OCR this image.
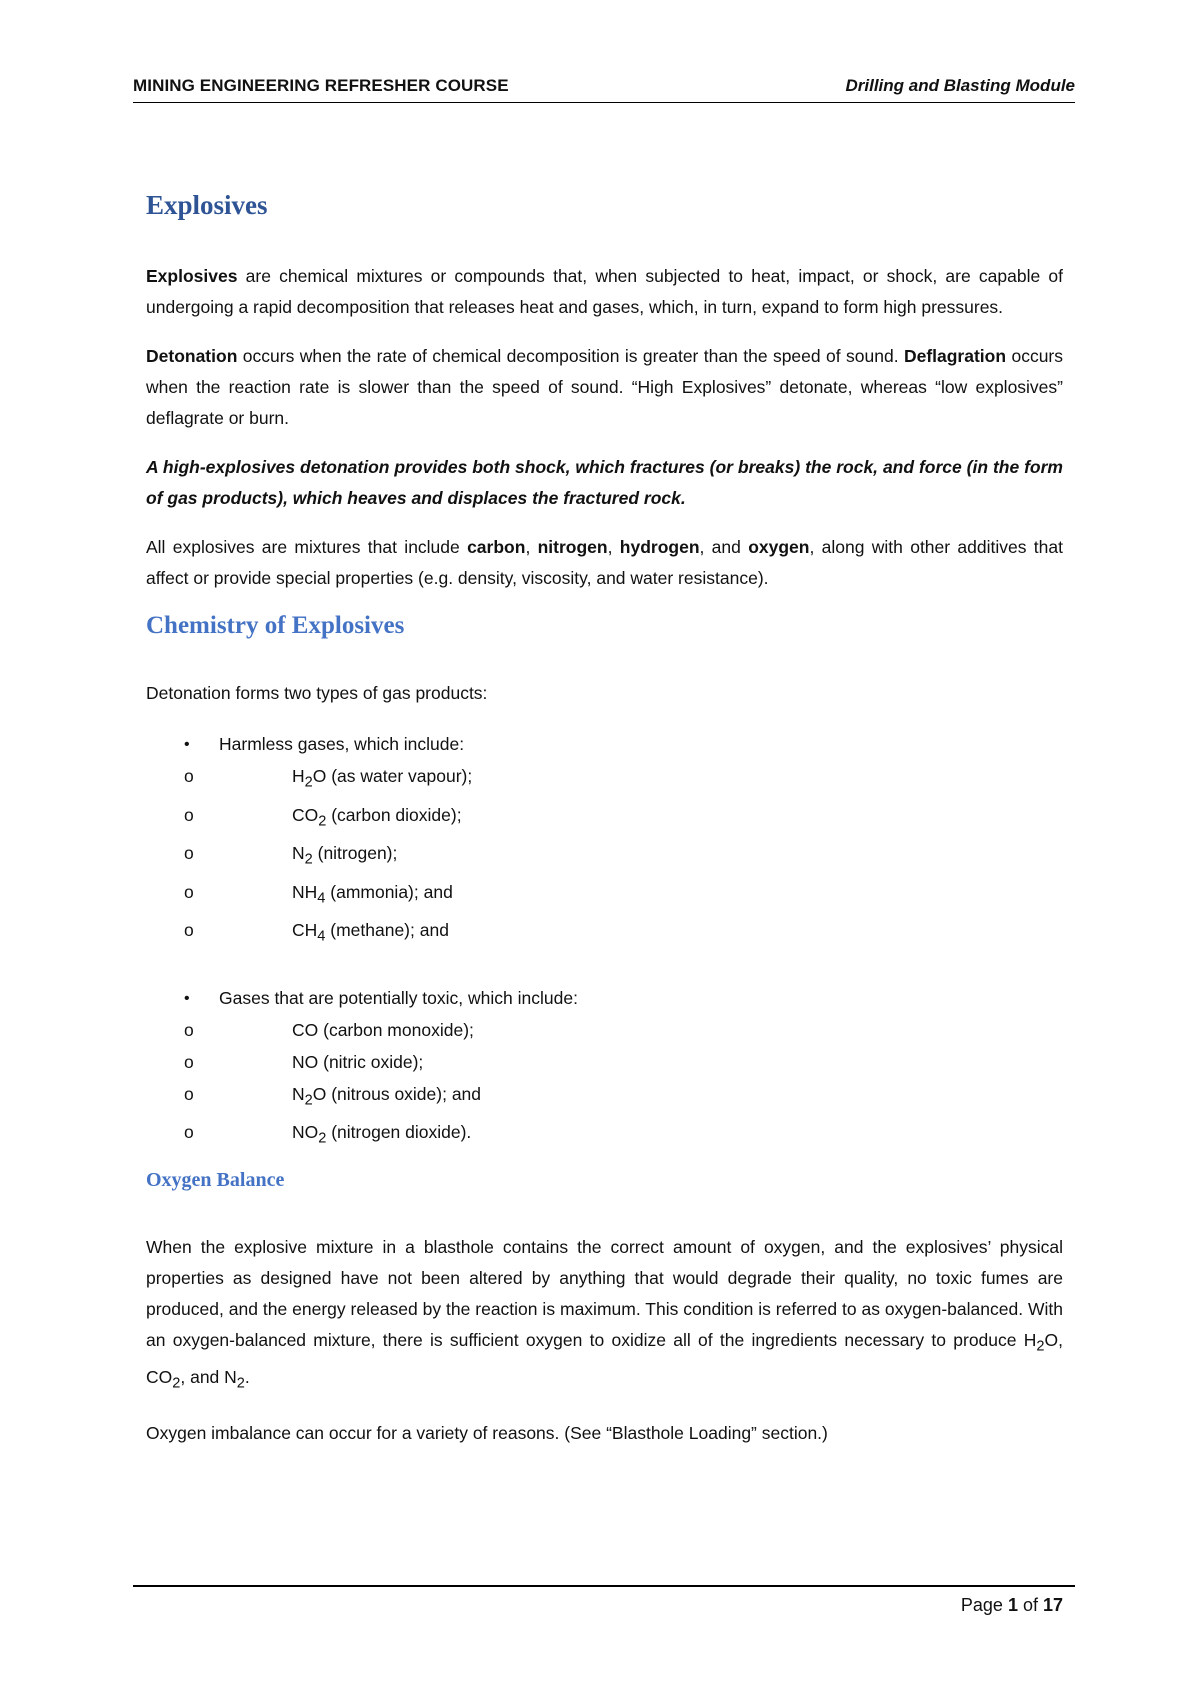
MINING ENGINEERING REFRESHER COURSE	Drilling and Blasting Module
Explosives

Explosives are chemical mixtures or compounds that, when subjected to heat, impact, or shock, are capable of undergoing a rapid decomposition that releases heat and gases, which, in turn, expand to form high pressures.

Detonation occurs when the rate of chemical decomposition is greater than the speed of sound. Deflagration occurs when the reaction rate is slower than the speed of sound. “High Explosives” detonate, whereas “low explosives” deflagrate or burn.

A high-explosives detonation provides both shock, which fractures (or breaks) the rock, and force (in the form of gas products), which heaves and displaces the fractured rock.

All explosives are mixtures that include carbon, nitrogen, hydrogen, and oxygen, along with other additives that affect or provide special properties (e.g. density, viscosity, and water resistance).

Chemistry of Explosives

Detonation forms two types of gas products:

• Harmless gases, which include:
o	$H_2O$ (as water vapour);
o	$CO_2$ (carbon dioxide);
o	$N_2$ (nitrogen);
o	$NH_4$ (ammonia); and
o	$CH_4$ (methane); and
• Gases that are potentially toxic, which include:
o	CO (carbon monoxide);
o	NO (nitric oxide);
o	$N_2O$ (nitrous oxide); and
o	$NO_2$ (nitrogen dioxide).
Oxygen Balance

When the explosive mixture in a blasthole contains the correct amount of oxygen, and the explosives’ physical properties as designed have not been altered by anything that would degrade their quality, no toxic fumes are produced, and the energy released by the reaction is maximum. This condition is referred to as oxygen-balanced. With an oxygen-balanced mixture, there is sufficient oxygen to oxidize all of the ingredients necessary to produce $H_2O$, $CO_2$, and $N_2$.

Oxygen imbalance can occur for a variety of reasons. (See “Blasthole Loading” section.)

Page 1 of 17
